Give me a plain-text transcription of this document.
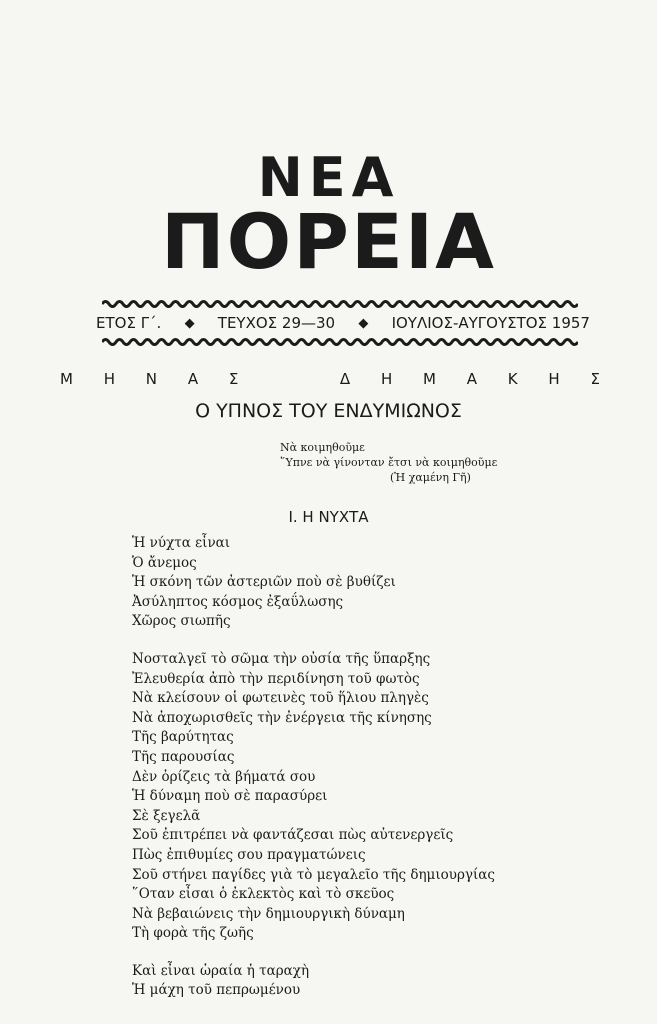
ΝΕΑ
ΠΟΡΕΙΑ
ΕΤΟΣ Γ΄. ◆ ΤΕΥΧΟΣ 29—30 ◆ ΙΟΥΛΙΟΣ-ΑΥΓΟΥΣΤΟΣ 1957
Μ Η Ν Α Σ	Δ Η Μ Α Κ Η Σ
Ο ΥΠΝΟΣ ΤΟΥ ΕΝΔΥΜΙΩΝΟΣ
Νὰ κοιμηθοῦμε
῞Υπνε νὰ γίνονταν ἔτσι νὰ κοιμηθοῦμε
(Ἡ χαμένη Γῆ)
Ι. Η ΝΥΧΤΑ
Ἡ νύχτα εἶναι
Ὁ ἄνεμος
Ἡ σκόνη τῶν ἀστεριῶν ποὺ σὲ βυθίζει
Ἀσύληπτος κόσμος ἐξαΰλωσης
Χῶρος σιωπῆς
Νοσταλγεῖ τὸ σῶμα τὴν οὐσία τῆς ὕπαρξης
Ἐλευθερία ἀπὸ τὴν περιδίνηση τοῦ φωτὸς
Νὰ κλείσουν οἱ φωτεινὲς τοῦ ἥλιου πληγὲς
Νὰ ἀποχωρισθεῖς τὴν ἐνέργεια τῆς κίνησης
Τῆς βαρύτητας
Τῆς παρουσίας
Δὲν ὁρίζεις τὰ βήματά σου
Ἡ δύναμη ποὺ σὲ παρασύρει
Σὲ ξεγελᾶ
Σοῦ ἐπιτρέπει νὰ φαντάζεσαι πὼς αὐτενεργεῖς
Πὼς ἐπιθυμίες σου πραγματώνεις
Σοῦ στήνει παγίδες γιὰ τὸ μεγαλεῖο τῆς δημιουργίας
῞Οταν εἶσαι ὁ ἐκλεκτὸς καὶ τὸ σκεῦος
Νὰ βεβαιώνεις τὴν δημιουργικὴ δύναμη
Τὴ φορὰ τῆς ζωῆς
Καὶ εἶναι ὡραία ἡ ταραχὴ
Ἡ μάχη τοῦ πεπρωμένου
